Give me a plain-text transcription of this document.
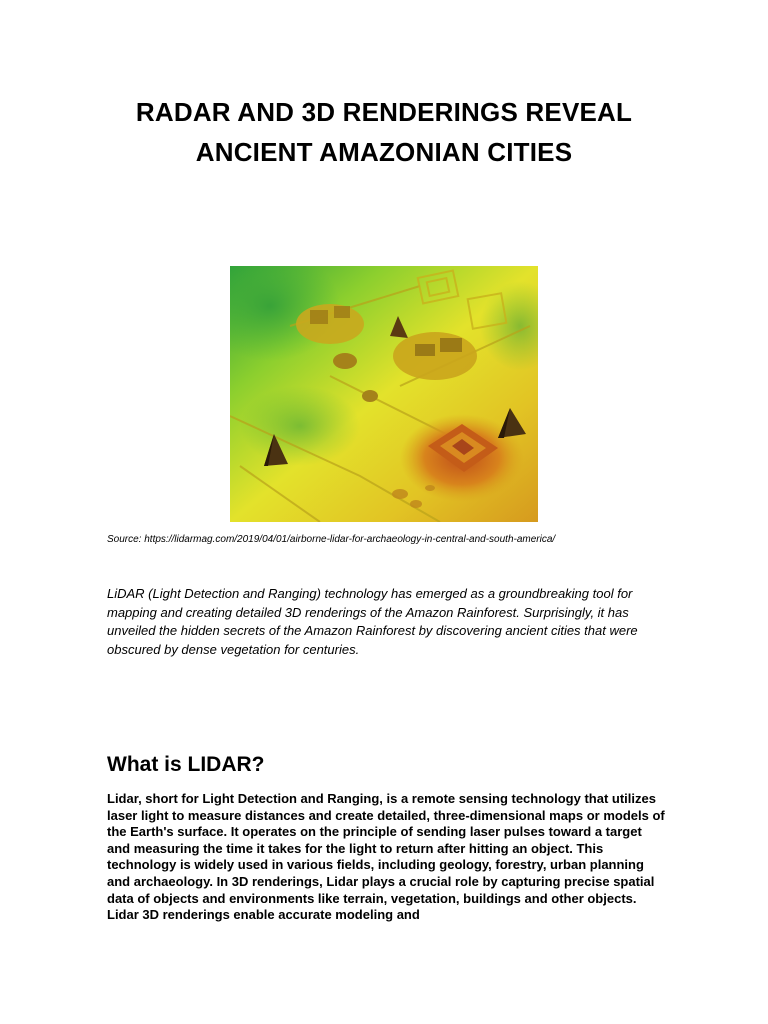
RADAR AND 3D RENDERINGS REVEAL ANCIENT AMAZONIAN CITIES

Source: https://lidarmag.com/2019/04/01/airborne-lidar-for-archaeology-in-central-and-south-america/

LiDAR (Light Detection and Ranging) technology has emerged as a groundbreaking tool for mapping and creating detailed 3D renderings of the Amazon Rainforest. Surprisingly, it has unveiled the hidden secrets of the Amazon Rainforest by discovering ancient cities that were obscured by dense vegetation for centuries.

What is LIDAR?

Lidar, short for Light Detection and Ranging, is a remote sensing technology that utilizes laser light to measure distances and create detailed, three-dimensional maps or models of the Earth's surface. It operates on the principle of sending laser pulses toward a target and measuring the time it takes for the light to return after hitting an object. This technology is widely used in various fields, including geology, forestry, urban planning and archaeology. In 3D renderings, Lidar plays a crucial role by capturing precise spatial data of objects and environments like terrain, vegetation, buildings and other objects. Lidar 3D renderings enable accurate modeling and
